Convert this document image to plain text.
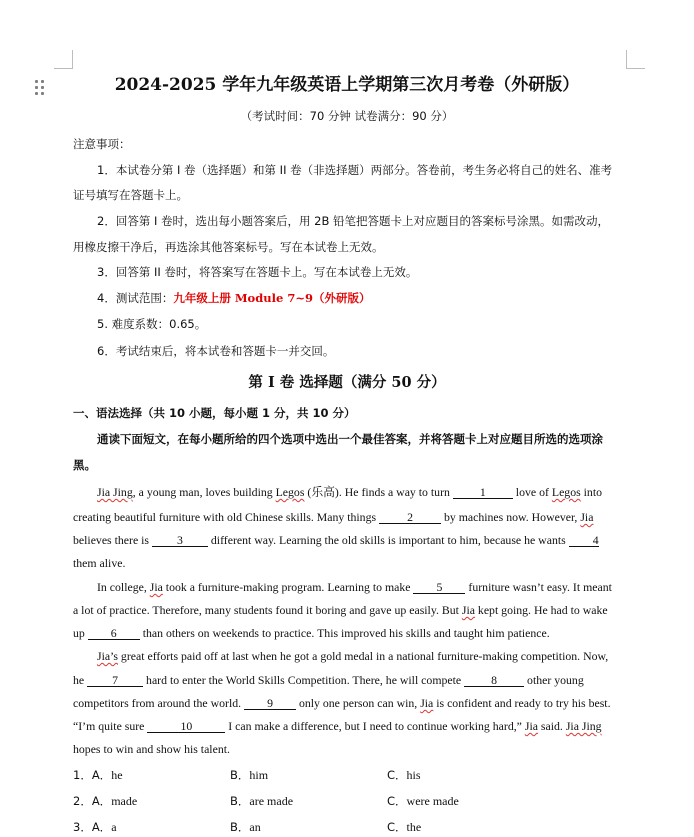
2024-2025 学年九年级英语上学期第三次月考卷（外研版）
（考试时间：70 分钟 试卷满分：90 分）
注意事项：
1．本试卷分第 I 卷（选择题）和第 II 卷（非选择题）两部分。答卷前，考生务必将自己的姓名、准考
证号填写在答题卡上。
2．回答第 I 卷时，选出每小题答案后，用 2B 铅笔把答题卡上对应题目的答案标号涂黑。如需改动，
用橡皮擦干净后，再选涂其他答案标号。写在本试卷上无效。
3．回答第 II 卷时，将答案写在答题卡上。写在本试卷上无效。
4．测试范围：九年级上册 Module 7~9（外研版）
5. 难度系数：0.65。
6．考试结束后，将本试卷和答题卡一并交回。
第 I 卷 选择题（满分 50 分）
一、语法选择（共 10 小题，每小题 1 分，共 10 分）
通读下面短文，在每小题所给的四个选项中选出一个最佳答案，并将答题卡上对应题目所选的选项涂
黑。
Jia Jing, a young man, loves building Legos (乐高). He finds a way to turn 1 love of Legos into
creating beautiful furniture with old Chinese skills. Many things 2 by machines now. However, Jia
believes there is 3 different way. Learning the old skills is important to him, because he wants 4
them alive.
In college, Jia took a furniture-making program. Learning to make 5 furniture wasn’t easy. It meant
a lot of practice. Therefore, many students found it boring and gave up easily. But Jia kept going. He had to wake
up 6 than others on weekends to practice. This improved his skills and taught him patience.
Jia’s great efforts paid off at last when he got a gold medal in a national furniture-making competition. Now,
he 7 hard to enter the World Skills Competition. There, he will compete 8 other young
competitors from around the world. 9 only one person can win, Jia is confident and ready to try his best.
“I’m quite sure	10	I can make a difference, but I need to continue working hard,” Jia said. Jia Jing
hopes to win and show his talent.
1．A．he	B．him	C．his
2．A．made	B．are made	C．were made
3．A．a	B．an	C．the
